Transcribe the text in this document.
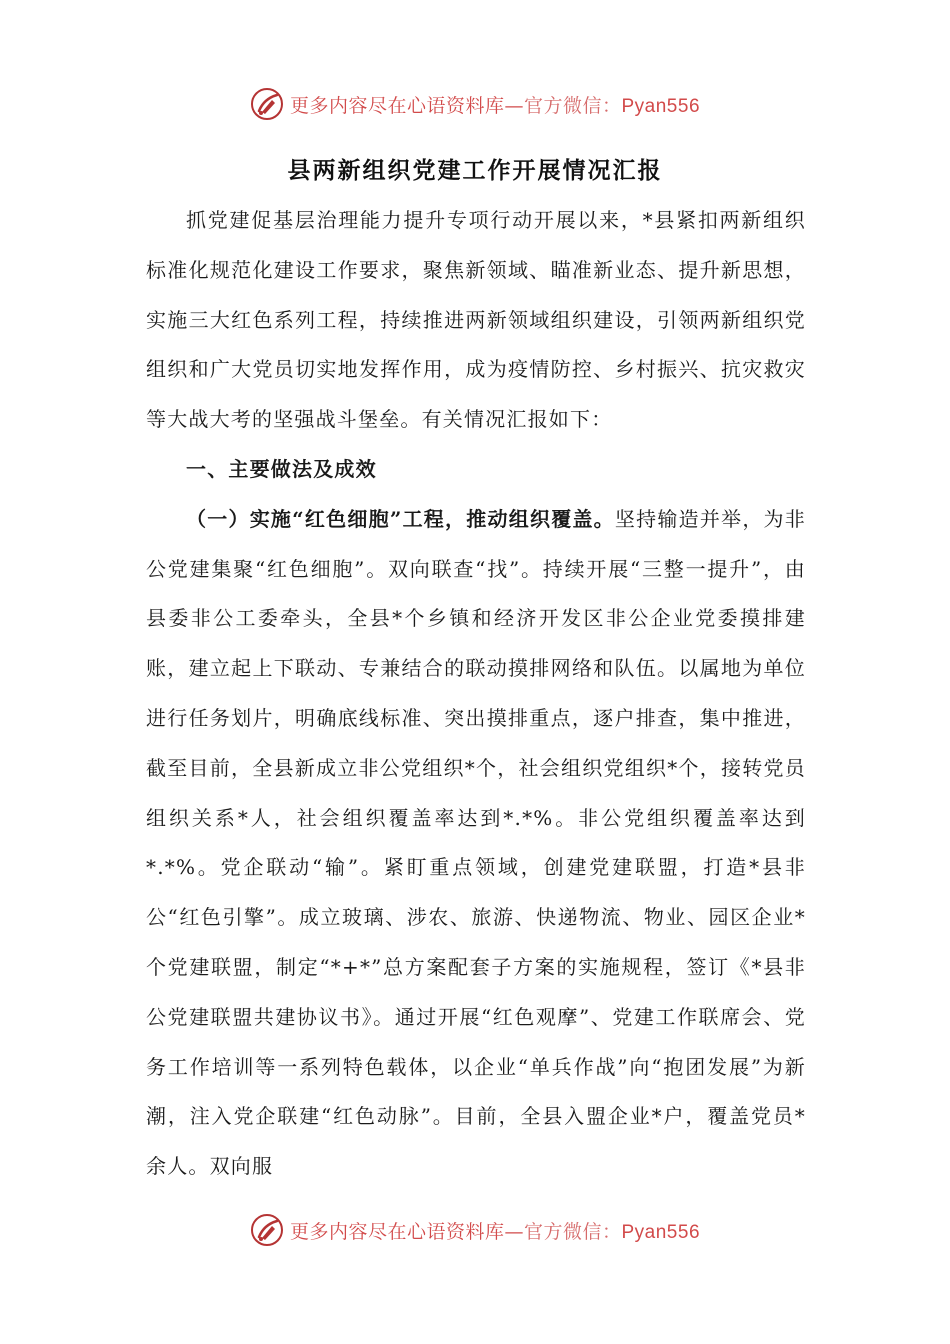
更多内容尽在心语资料库—官方微信：Pyan556
县两新组织党建工作开展情况汇报

抓党建促基层治理能力提升专项行动开展以来，*县紧扣两新组织标准化规范化建设工作要求，聚焦新领域、瞄准新业态、提升新思想，实施三大红色系列工程，持续推进两新领域组织建设，引领两新组织党组织和广大党员切实地发挥作用，成为疫情防控、乡村振兴、抗灾救灾等大战大考的坚强战斗堡垒。有关情况汇报如下：

一、主要做法及成效

（一）实施“红色细胞”工程，推动组织覆盖。坚持输造并举，为非公党建集聚“红色细胞”。双向联查“找”。持续开展“三整一提升”，由县委非公工委牵头，全县*个乡镇和经济开发区非公企业党委摸排建账，建立起上下联动、专兼结合的联动摸排网络和队伍。以属地为单位进行任务划片，明确底线标准、突出摸排重点，逐户排查，集中推进，截至目前，全县新成立非公党组织*个，社会组织党组织*个，接转党员组织关系*人，社会组织覆盖率达到*.*%。非公党组织覆盖率达到*.*%。党企联动“输”。紧盯重点领域，创建党建联盟，打造*县非公“红色引擎”。成立玻璃、涉农、旅游、快递物流、物业、园区企业*个党建联盟，制定“*+*”总方案配套子方案的实施规程，签订《*县非公党建联盟共建协议书》。通过开展“红色观摩”、党建工作联席会、党务工作培训等一系列特色载体，以企业“单兵作战”向“抱团发展”为新潮，注入党企联建“红色动脉”。目前，全县入盟企业*户，覆盖党员*余人。双向服

更多内容尽在心语资料库—官方微信：Pyan556
